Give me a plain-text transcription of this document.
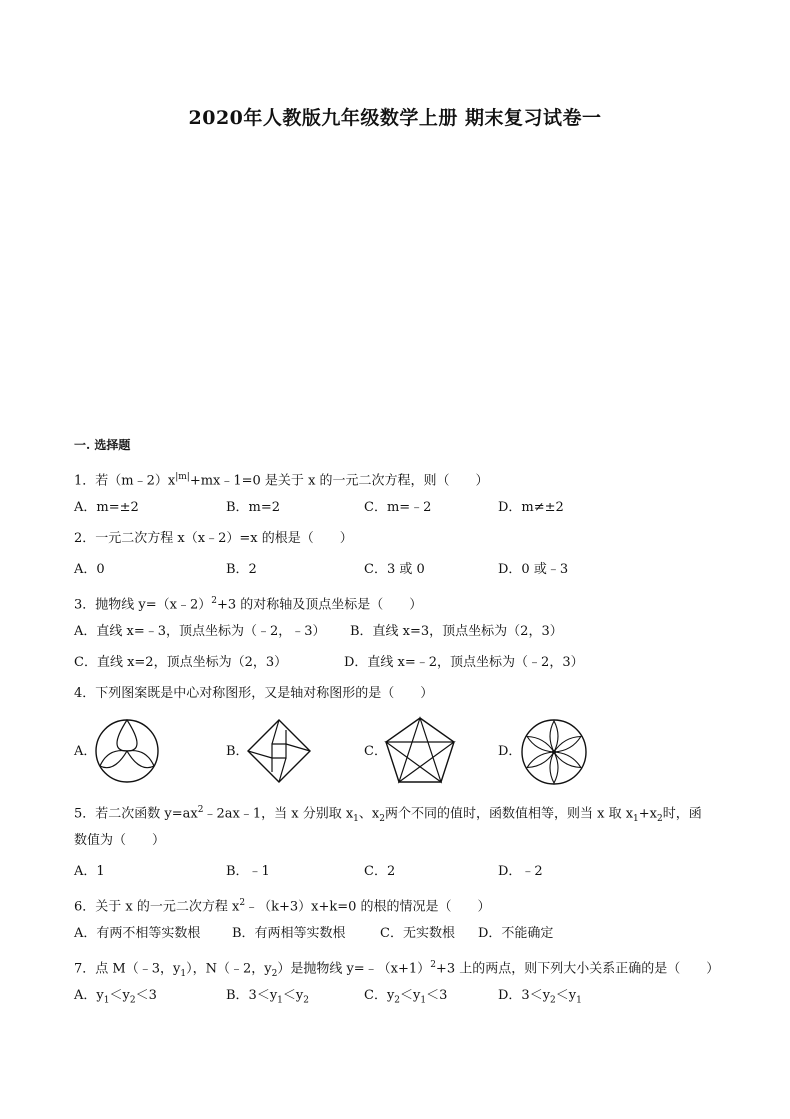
2020年人教版九年级数学上册 期末复习试卷一
一. 选择题
1．若$(m﹣2)x^{|m|}+mx﹣1=0$ 是关于 x 的一元二次方程，则（　　）
A．m=±2	B．m=2	C．m=﹣2	D．m≠±2
2．一元二次方程 x（x﹣2）=x 的根是（　　）
A．0	B．2	C．3 或 0	D．0 或﹣3
3．抛物线 y=（x﹣2）$^2$+3 的对称轴及顶点坐标是（　　）
A．直线 x=﹣3，顶点坐标为（﹣2，﹣3） B．直线 x=3，顶点坐标为（2，3）
C．直线 x=2，顶点坐标为（2，3）	D．直线 x=﹣2，顶点坐标为（﹣2，3）
4．下列图案既是中心对称图形，又是轴对称图形的是（　　）
A．	B．	C．	D．
5．若二次函数 $y=ax^2﹣2ax﹣1$，当 x 分别取 $x_1$、$x_2$两个不同的值时，函数值相等，则当 x 取 $x_1+x_2$时，函
数值为（　　）
A．1	B．﹣1	C．2	D．﹣2
6．关于 x 的一元二次方程 $x^2﹣(k+3)x+k=0$ 的根的情况是（　　）
A．有两不相等实数根 B．有两相等实数根	C．无实数根 D．不能确定
7．点 M（﹣3，$y_1$），N（﹣2，$y_2$）是抛物线 $y=﹣(x+1)^2+3$ 上的两点，则下列大小关系正确的是（　　）
A．$y_1<y_2<3$	B．$3<y_1<y_2$	C．$y_2<y_1<3$	D．$3<y_2<y_1$
